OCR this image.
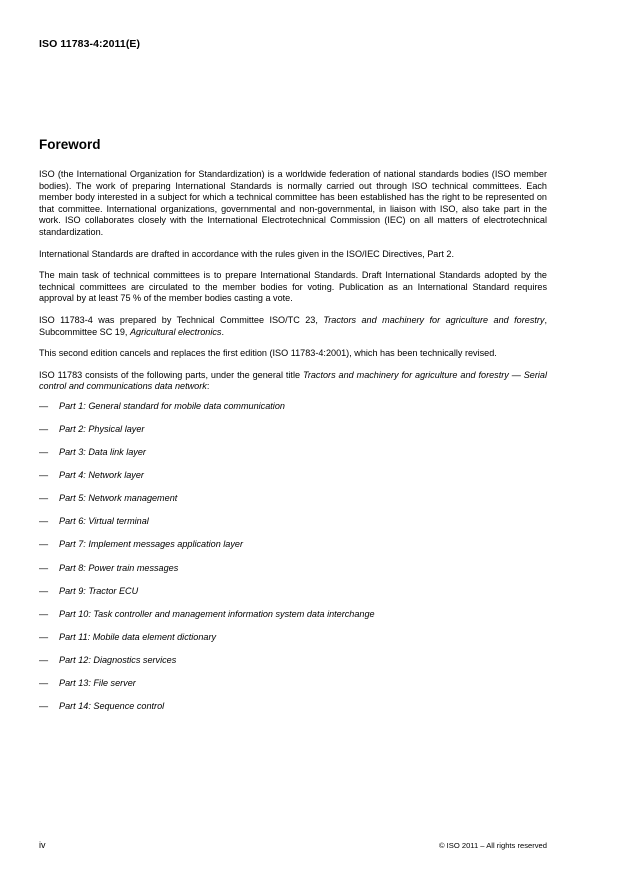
ISO 11783-4:2011(E)
Foreword

ISO (the International Organization for Standardization) is a worldwide federation of national standards bodies (ISO member bodies). The work of preparing International Standards is normally carried out through ISO technical committees. Each member body interested in a subject for which a technical committee has been established has the right to be represented on that committee. International organizations, governmental and non-governmental, in liaison with ISO, also take part in the work. ISO collaborates closely with the International Electrotechnical Commission (IEC) on all matters of electrotechnical standardization.

International Standards are drafted in accordance with the rules given in the ISO/IEC Directives, Part 2.

The main task of technical committees is to prepare International Standards. Draft International Standards adopted by the technical committees are circulated to the member bodies for voting. Publication as an International Standard requires approval by at least 75 % of the member bodies casting a vote.

ISO 11783-4 was prepared by Technical Committee ISO/TC 23, Tractors and machinery for agriculture and forestry, Subcommittee SC 19, Agricultural electronics.

This second edition cancels and replaces the first edition (ISO 11783-4:2001), which has been technically revised.

ISO 11783 consists of the following parts, under the general title Tractors and machinery for agriculture and forestry — Serial control and communications data network:

—	Part 1: General standard for mobile data communication
—	Part 2: Physical layer
—	Part 3: Data link layer
—	Part 4: Network layer
—	Part 5: Network management
—	Part 6: Virtual terminal
—	Part 7: Implement messages application layer
—	Part 8: Power train messages
—	Part 9: Tractor ECU
—	Part 10: Task controller and management information system data interchange
—	Part 11: Mobile data element dictionary
—	Part 12: Diagnostics services
—	Part 13: File server
—	Part 14: Sequence control
iv	© ISO 2011 – All rights reserved
